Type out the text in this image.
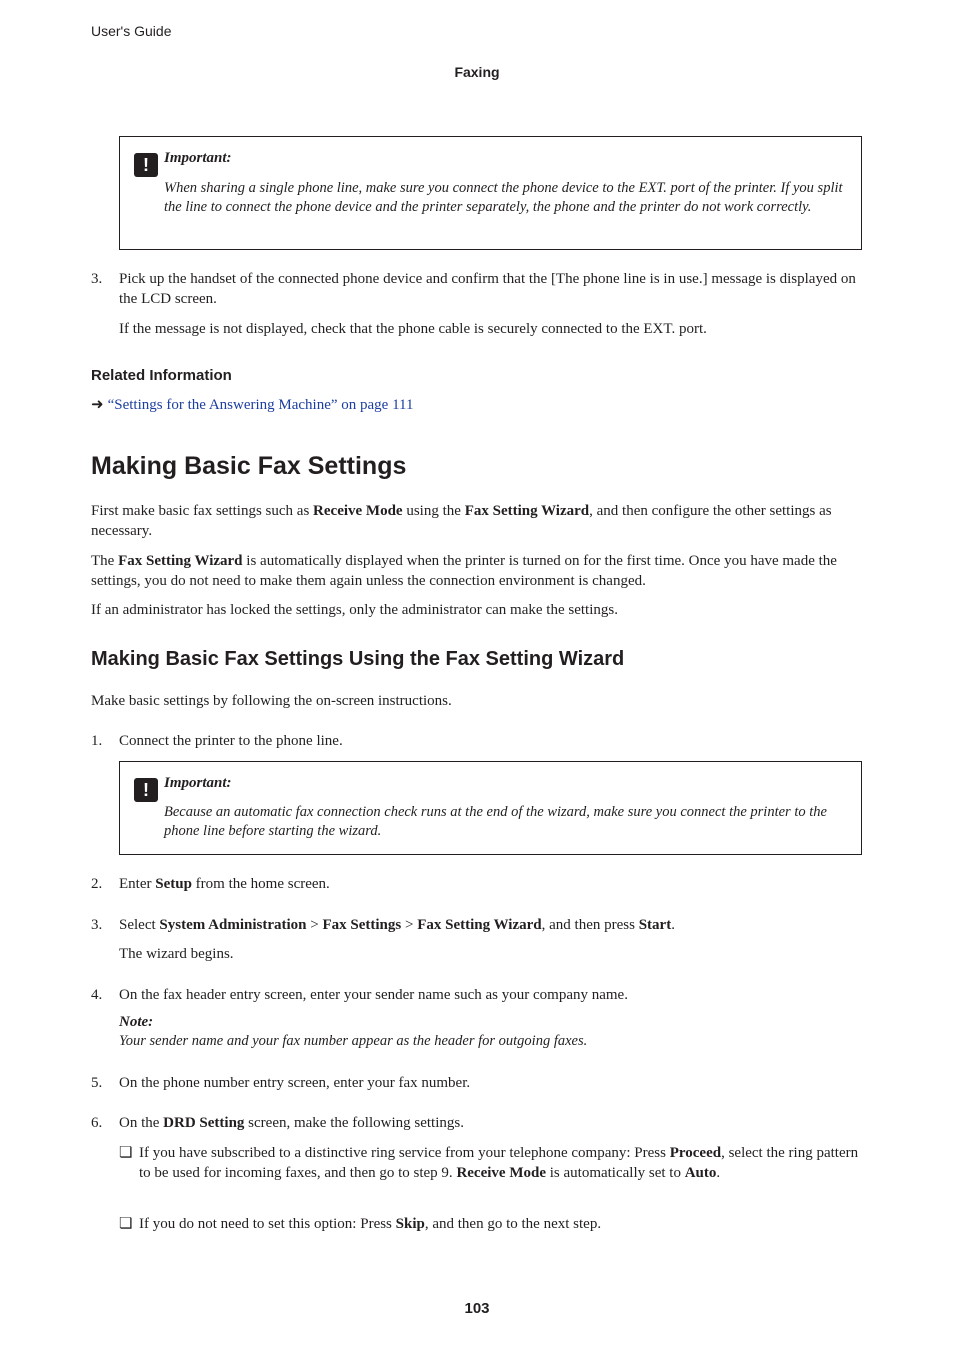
User's Guide
Faxing
!	Important:
When sharing a single phone line, make sure you connect the phone device to the EXT. port of the printer. If you split the line to connect the phone device and the printer separately, the phone and the printer do not work correctly.
3. Pick up the handset of the connected phone device and confirm that the [The phone line is in use.] message is displayed on the LCD screen.
If the message is not displayed, check that the phone cable is securely connected to the EXT. port.
Related Information
➜ “Settings for the Answering Machine” on page 111
Making Basic Fax Settings
First make basic fax settings such as Receive Mode using the Fax Setting Wizard, and then configure the other settings as necessary.
The Fax Setting Wizard is automatically displayed when the printer is turned on for the first time. Once you have made the settings, you do not need to make them again unless the connection environment is changed.
If an administrator has locked the settings, only the administrator can make the settings.
Making Basic Fax Settings Using the Fax Setting Wizard
Make basic settings by following the on-screen instructions.
1. Connect the printer to the phone line.
!	Important:
Because an automatic fax connection check runs at the end of the wizard, make sure you connect the printer to the phone line before starting the wizard.
2. Enter Setup from the home screen.
3. Select System Administration > Fax Settings > Fax Setting Wizard, and then press Start.
The wizard begins.
4. On the fax header entry screen, enter your sender name such as your company name.
Note:
Your sender name and your fax number appear as the header for outgoing faxes.
5. On the phone number entry screen, enter your fax number.
6. On the DRD Setting screen, make the following settings.
❏ If you have subscribed to a distinctive ring service from your telephone company: Press Proceed, select the ring pattern to be used for incoming faxes, and then go to step 9. Receive Mode is automatically set to Auto.
❏ If you do not need to set this option: Press Skip, and then go to the next step.
103
